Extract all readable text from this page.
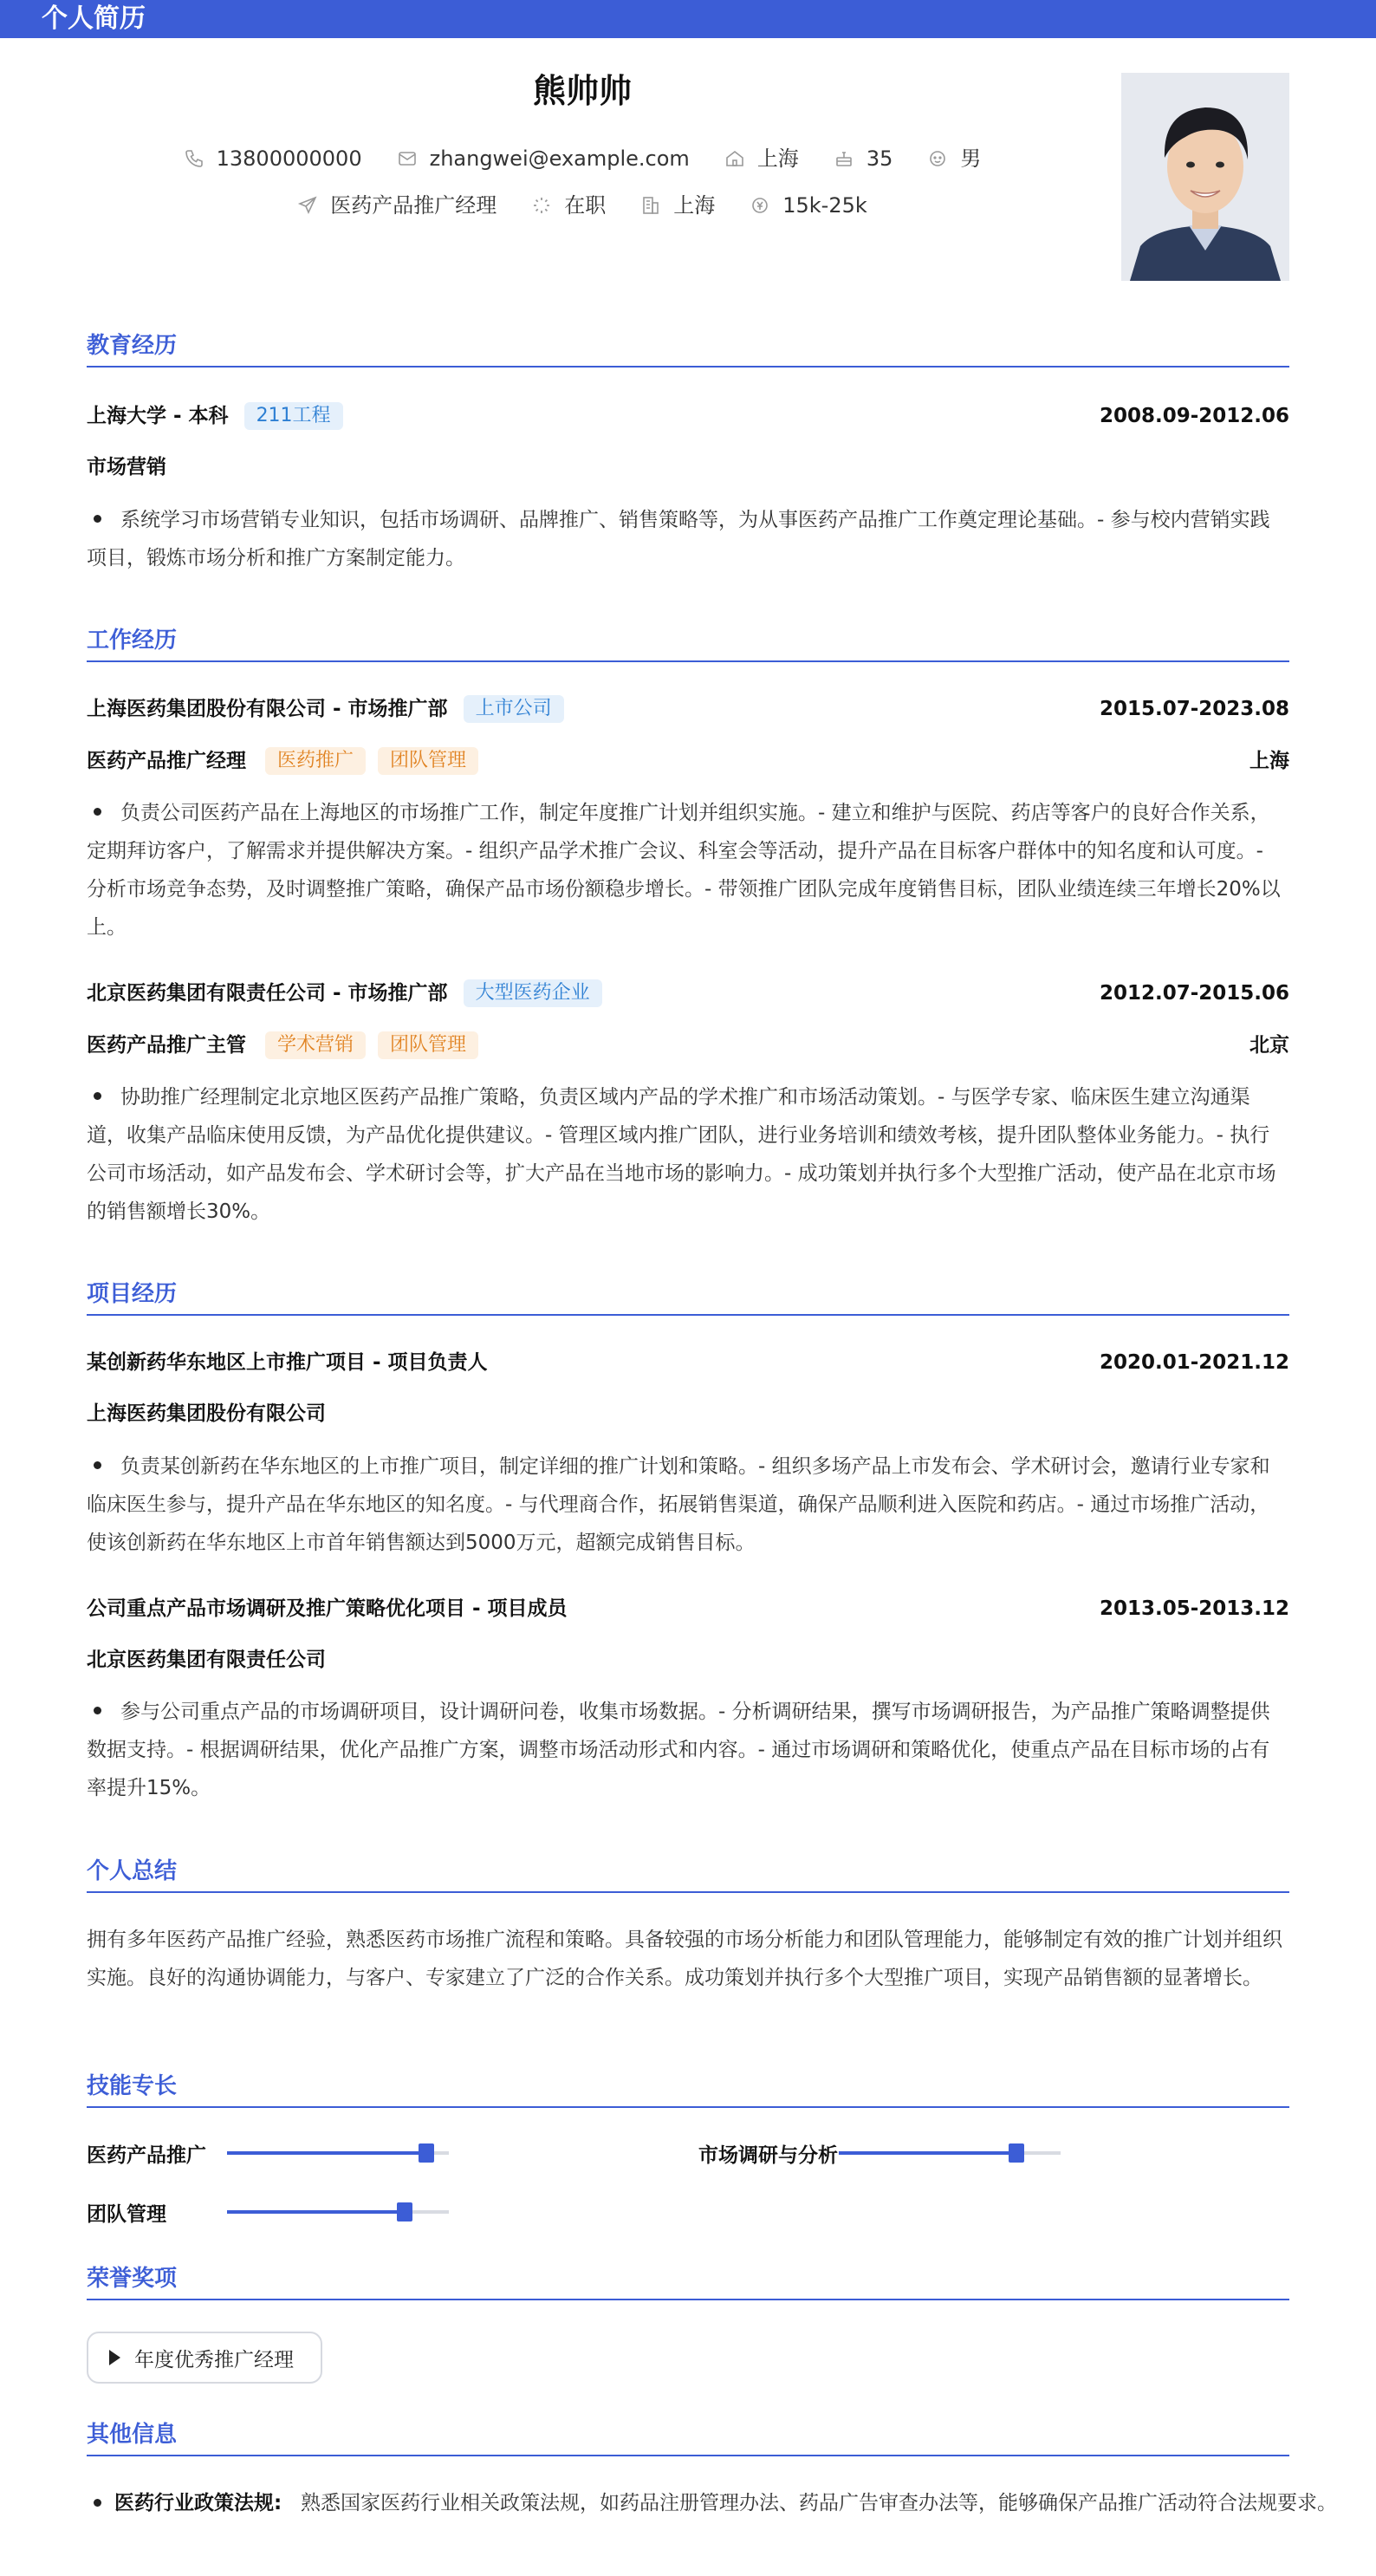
个人简历
熊帅帅
13800000000	zhangwei@example.com	上海	35	男
医药产品推广经理	在职	上海	15k-25k
教育经历
上海大学 - 本科	211工程	2008.09-2012.06
市场营销
系统学习市场营销专业知识，包括市场调研、品牌推广、销售策略等，为从事医药产品推广工作奠定理论基础。- 参与校内营销实践项目，锻炼市场分析和推广方案制定能力。
工作经历
上海医药集团股份有限公司 - 市场推广部	上市公司	2015.07-2023.08
医药产品推广经理	医药推广	团队管理	上海
负责公司医药产品在上海地区的市场推广工作，制定年度推广计划并组织实施。- 建立和维护与医院、药店等客户的良好合作关系，定期拜访客户，了解需求并提供解决方案。- 组织产品学术推广会议、科室会等活动，提升产品在目标客户群体中的知名度和认可度。- 分析市场竞争态势，及时调整推广策略，确保产品市场份额稳步增长。- 带领推广团队完成年度销售目标，团队业绩连续三年增长20%以上。
北京医药集团有限责任公司 - 市场推广部	大型医药企业	2012.07-2015.06
医药产品推广主管	学术营销	团队管理	北京
协助推广经理制定北京地区医药产品推广策略，负责区域内产品的学术推广和市场活动策划。- 与医学专家、临床医生建立沟通渠道，收集产品临床使用反馈，为产品优化提供建议。- 管理区域内推广团队，进行业务培训和绩效考核，提升团队整体业务能力。- 执行公司市场活动，如产品发布会、学术研讨会等，扩大产品在当地市场的影响力。- 成功策划并执行多个大型推广活动，使产品在北京市场的销售额增长30%。
项目经历
某创新药华东地区上市推广项目 - 项目负责人	2020.01-2021.12
上海医药集团股份有限公司
负责某创新药在华东地区的上市推广项目，制定详细的推广计划和策略。- 组织多场产品上市发布会、学术研讨会，邀请行业专家和临床医生参与，提升产品在华东地区的知名度。- 与代理商合作，拓展销售渠道，确保产品顺利进入医院和药店。- 通过市场推广活动，使该创新药在华东地区上市首年销售额达到5000万元，超额完成销售目标。
公司重点产品市场调研及推广策略优化项目 - 项目成员	2013.05-2013.12
北京医药集团有限责任公司
参与公司重点产品的市场调研项目，设计调研问卷，收集市场数据。- 分析调研结果，撰写市场调研报告，为产品推广策略调整提供数据支持。- 根据调研结果，优化产品推广方案，调整市场活动形式和内容。- 通过市场调研和策略优化，使重点产品在目标市场的占有率提升15%。
个人总结
拥有多年医药产品推广经验，熟悉医药市场推广流程和策略。具备较强的市场分析能力和团队管理能力，能够制定有效的推广计划并组织实施。良好的沟通协调能力，与客户、专家建立了广泛的合作关系。成功策划并执行多个大型推广项目，实现产品销售额的显著增长。
技能专长
医药产品推广	市场调研与分析
团队管理
荣誉奖项
年度优秀推广经理
其他信息
医药行业政策法规: 熟悉国家医药行业相关政策法规，如药品注册管理办法、药品广告审查办法等，能够确保产品推广活动符合法规要求。
